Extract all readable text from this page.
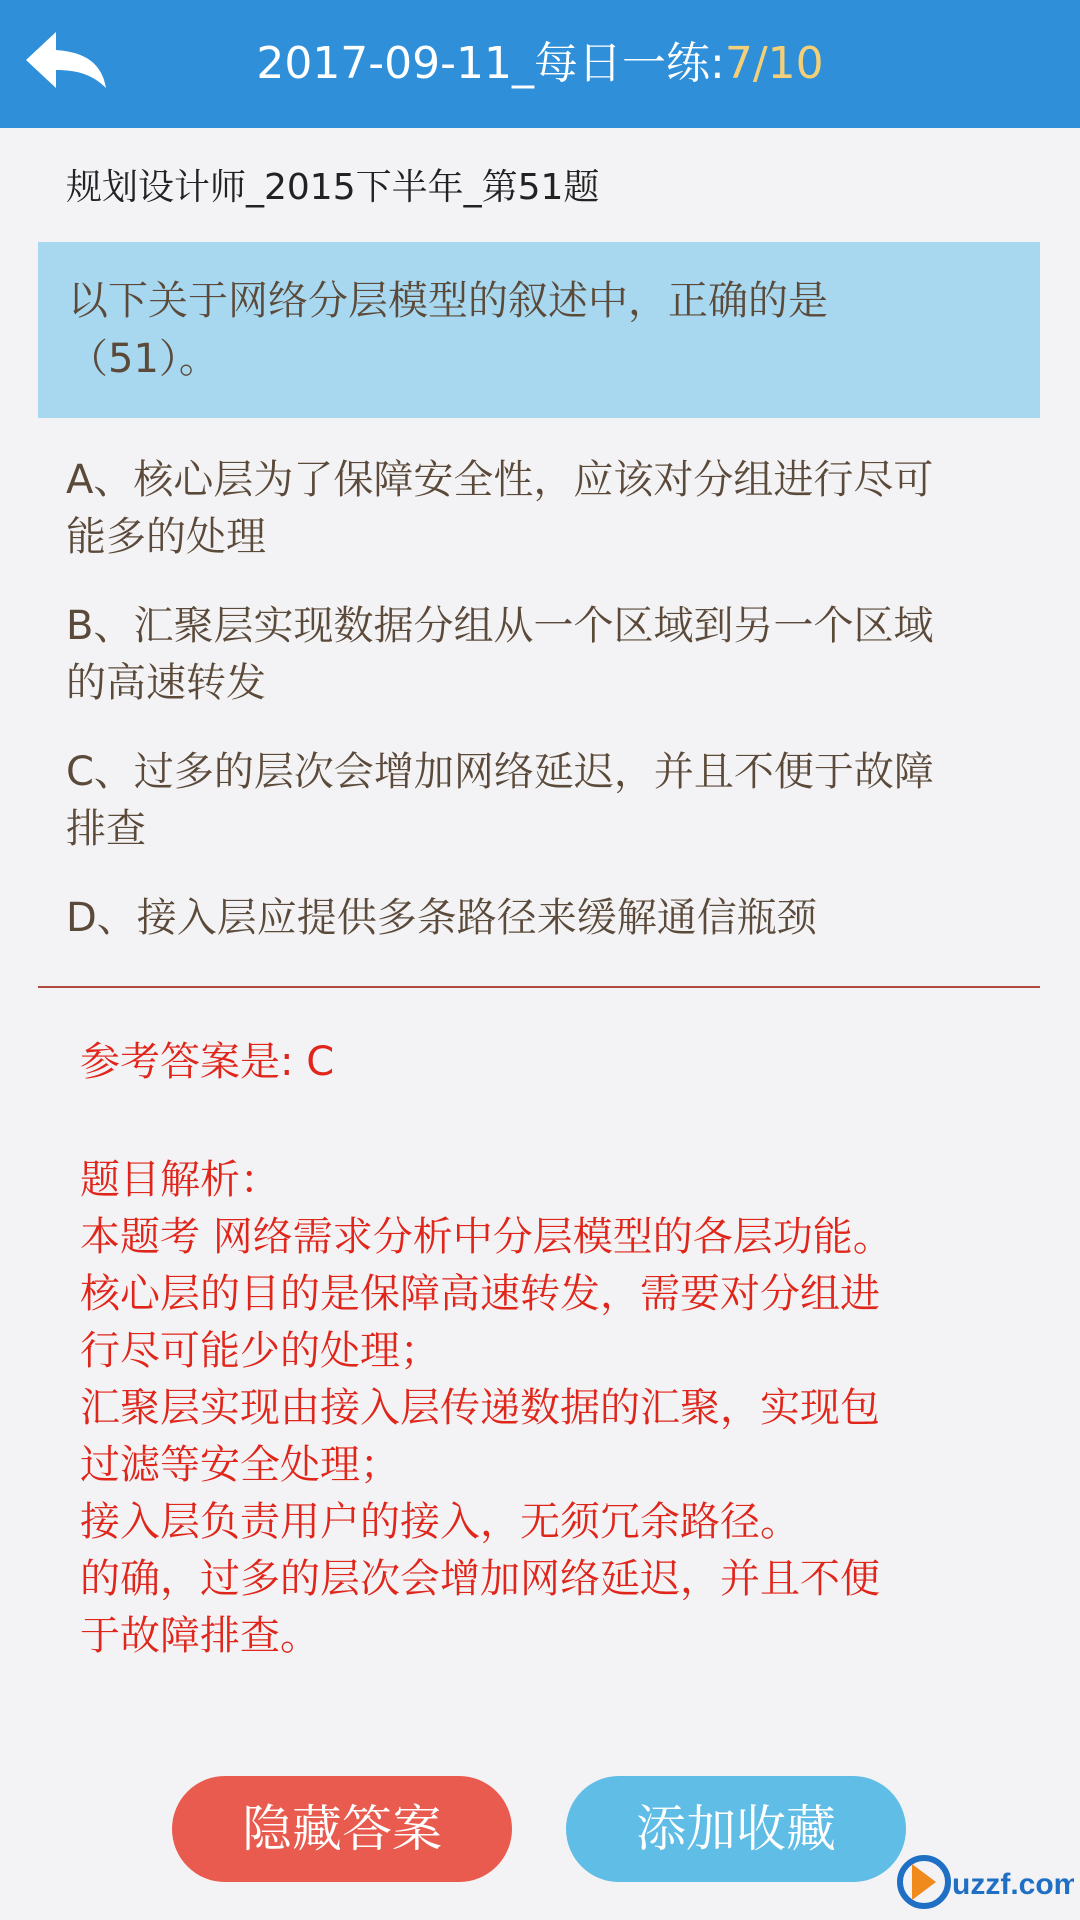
2017-09-11_每日一练:7/10
规划设计师_2015下半年_第51题
以下关于网络分层模型的叙述中，正确的是
（51）。
A、核心层为了保障安全性，应该对分组进行尽可
能多的处理
B、汇聚层实现数据分组从一个区域到另一个区域
的高速转发
C、过多的层次会增加网络延迟，并且不便于故障
排查
D、接入层应提供多条路径来缓解通信瓶颈
参考答案是: C
题目解析：
本题考 网络需求分析中分层模型的各层功能。
核心层的目的是保障高速转发，需要对分组进
行尽可能少的处理；
汇聚层实现由接入层传递数据的汇聚，实现包
过滤等安全处理；
接入层负责用户的接入，无须冗余路径。
的确，过多的层次会增加网络延迟，并且不便
于故障排查。
隐藏答案	添加收藏
uzzf.com
